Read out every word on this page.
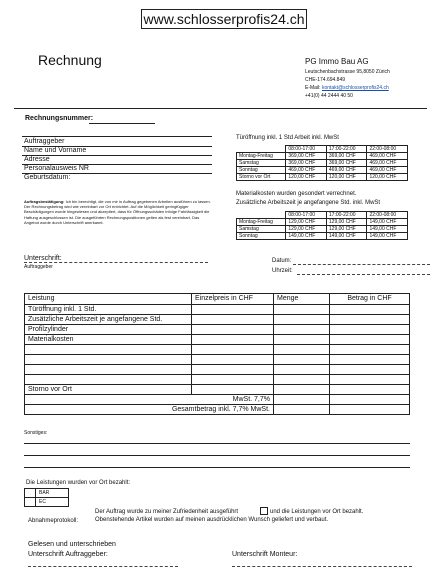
www.schlosserprofis24.ch
Rechnung	PG Immo Bau AG
Leutschenbachstrasse 95,8050 Zürich
CHE-174.694.849
E-Mail: kontakt@schlosserprofis24.ch
+41(0) 44 2444 40 50
Rechnungsnummer:
Auftraggeber
Name und Vorname
Adresse
Personalausweis NR
Geburtsdatum:
Auftragsbestätigung: Ich bin berechtigt, die von mir in Auftrag gegebenen Arbeiten ausführen zu lassen. Der Rechnungsbetrag wird wie vereinbart vor Ort entrichtet. Auf die Möglichkeit geringfügiger Beschädigungen wurde hingewiesen und akzeptiert, dass für Öffnungsschäden infolge Fahrlässigkeit die Haftung ausgeschlossen ist. Die ausgeführten Rechnungspositionen gelten als fest vereinbart. Das Angebot wurde durch Unterschrift anerkannt.
Türöffnung inkl. 1 Std Arbeit inkl. MwSt
	08:00-17:00	17:00-22:00	22:00-08:00
Montag-Freitag	369,00 CHF	369,00 CHF	469,00 CHF
Samstag	369,00 CHF	369,00 CHF	469,00 CHF
Sonntag	469,00 CHF	469,00 CHF	469,00 CHF
Storno vor Ort	120,00 CHF	120,00 CHF	120,00 CHF
Materialkosten wurden gesondert verrechnet.
Zusätzliche Arbeitszeit je angefangene Std. inkl. MwSt
	08:00-17:00	17:00-22:00	22:00-08:00
Montag-Freitag	129,00 CHF	129,00 CHF	149,00 CHF
Samstag	129,00 CHF	129,00 CHF	149,00 CHF
Sonntag	149,00 CHF	149,00 CHF	149,00 CHF
Unterschrift:
Auftraggeber
Datum:
Uhrzeit:
Leistung	Einzelpreis in CHF	Menge	Betrag in CHF
Türöffnung inkl. 1 Std.			
Zusätzliche Arbeitszeit je angefangene Std.			
Profilzylinder			
Materialkosten			

Storno vor Ort			
MwSt. 7,7%			
Gesamtbetrag inkl. 7,7% MwSt.			
Sonstiges:
Die Leistungen wurden vor Ort bezahlt:
BAR
EC
Abnahmeprotokoll:
Der Auftrag wurde zu meiner Zufriedenheit ausgeführt	und die Leistungen vor Ort bezahlt.
Obenstehende Artikel wurden auf meinen ausdrücklichen Wunsch geliefert und verbaut.
Gelesen und unterschrieben
Unterschrift Auftraggeber:	Unterschrift Monteur:
